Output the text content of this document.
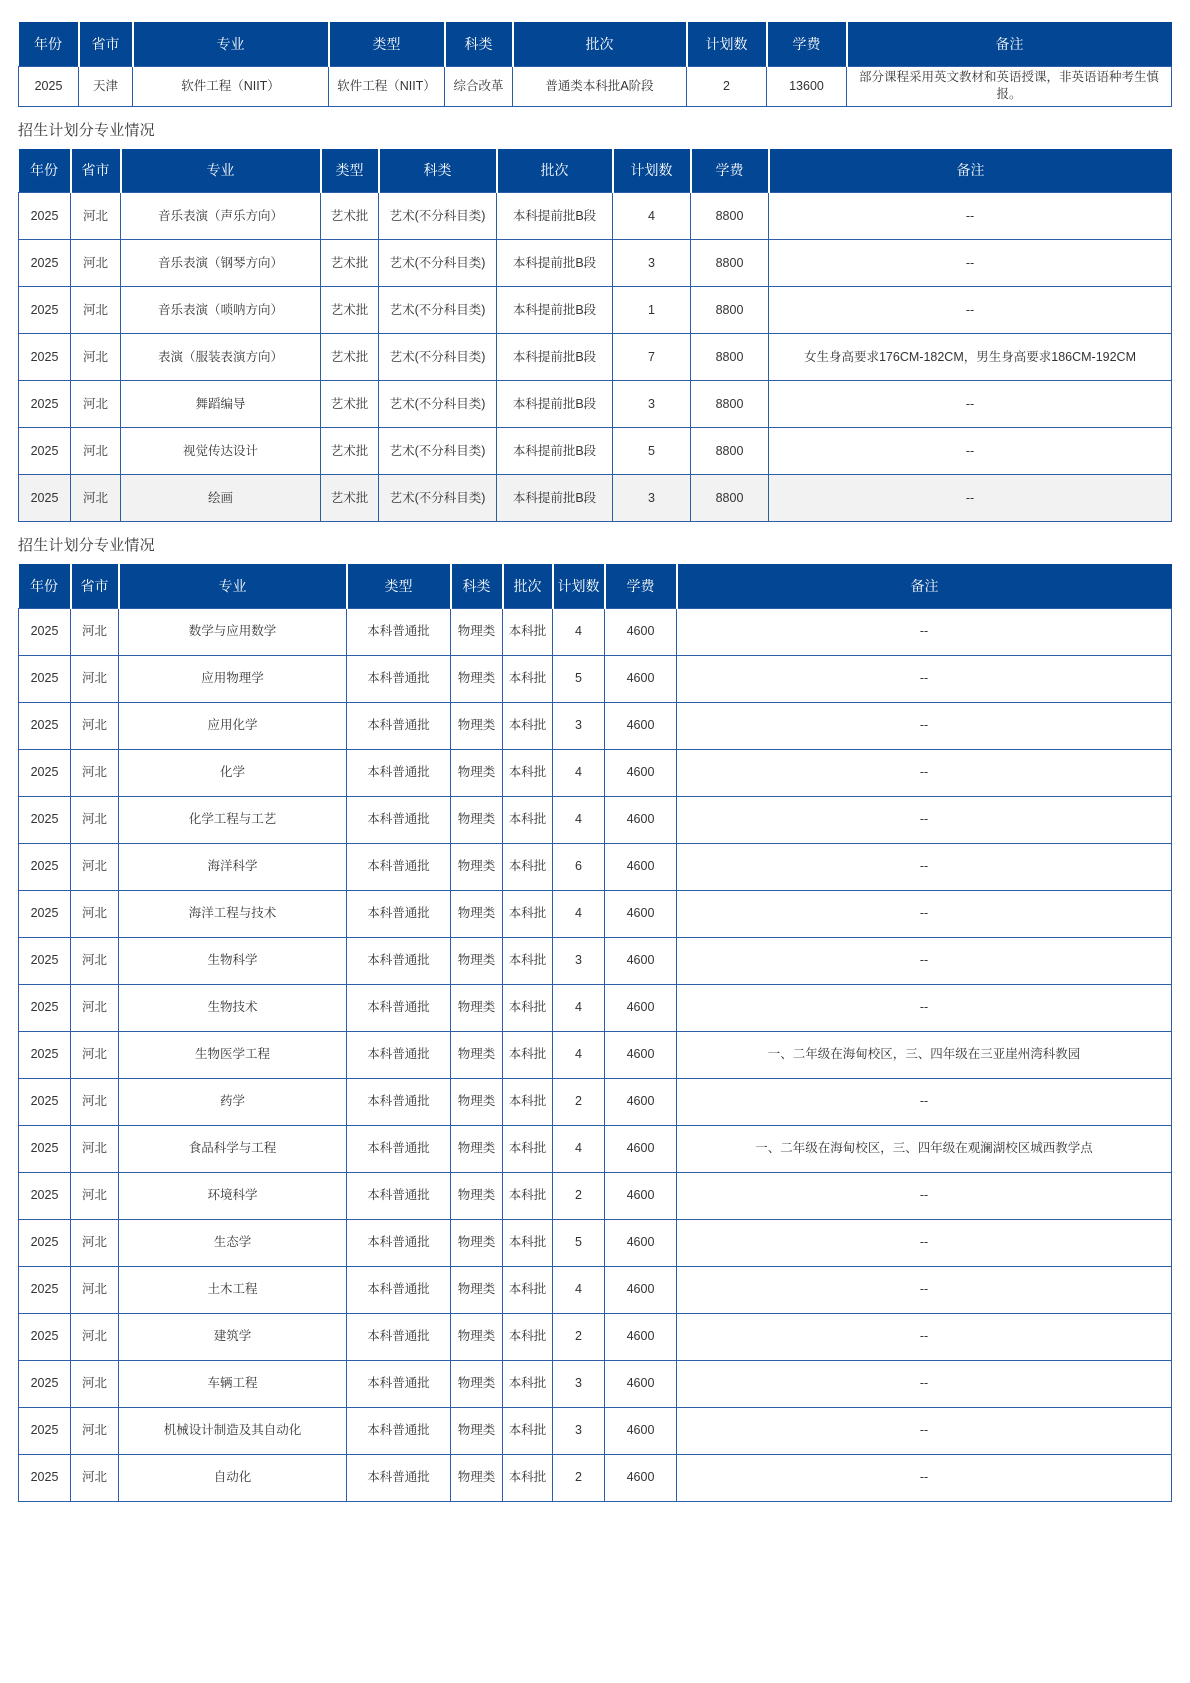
年份	省市	专业	类型	科类	批次	计划数	学费	备注
2025	天津	软件工程（NIIT）	软件工程（NIIT）	综合改革	普通类本科批A阶段	2	13600	部分课程采用英文教材和英语授课，非英语语种考生慎报。
招生计划分专业情况
年份	省市	专业	类型	科类	批次	计划数	学费	备注
2025	河北	音乐表演（声乐方向）	艺术批	艺术(不分科目类)	本科提前批B段	4	8800	--
2025	河北	音乐表演（钢琴方向）	艺术批	艺术(不分科目类)	本科提前批B段	3	8800	--
2025	河北	音乐表演（唢呐方向）	艺术批	艺术(不分科目类)	本科提前批B段	1	8800	--
2025	河北	表演（服装表演方向）	艺术批	艺术(不分科目类)	本科提前批B段	7	8800	女生身高要求176CM-182CM，男生身高要求186CM-192CM
2025	河北	舞蹈编导	艺术批	艺术(不分科目类)	本科提前批B段	3	8800	--
2025	河北	视觉传达设计	艺术批	艺术(不分科目类)	本科提前批B段	5	8800	--
2025	河北	绘画	艺术批	艺术(不分科目类)	本科提前批B段	3	8800	--
招生计划分专业情况
年份	省市	专业	类型	科类	批次	计划数	学费	备注
2025	河北	数学与应用数学	本科普通批	物理类	本科批	4	4600	--
2025	河北	应用物理学	本科普通批	物理类	本科批	5	4600	--
2025	河北	应用化学	本科普通批	物理类	本科批	3	4600	--
2025	河北	化学	本科普通批	物理类	本科批	4	4600	--
2025	河北	化学工程与工艺	本科普通批	物理类	本科批	4	4600	--
2025	河北	海洋科学	本科普通批	物理类	本科批	6	4600	--
2025	河北	海洋工程与技术	本科普通批	物理类	本科批	4	4600	--
2025	河北	生物科学	本科普通批	物理类	本科批	3	4600	--
2025	河北	生物技术	本科普通批	物理类	本科批	4	4600	--
2025	河北	生物医学工程	本科普通批	物理类	本科批	4	4600	一、二年级在海甸校区，三、四年级在三亚崖州湾科教园
2025	河北	药学	本科普通批	物理类	本科批	2	4600	--
2025	河北	食品科学与工程	本科普通批	物理类	本科批	4	4600	一、二年级在海甸校区，三、四年级在观澜湖校区城西教学点
2025	河北	环境科学	本科普通批	物理类	本科批	2	4600	--
2025	河北	生态学	本科普通批	物理类	本科批	5	4600	--
2025	河北	土木工程	本科普通批	物理类	本科批	4	4600	--
2025	河北	建筑学	本科普通批	物理类	本科批	2	4600	--
2025	河北	车辆工程	本科普通批	物理类	本科批	3	4600	--
2025	河北	机械设计制造及其自动化	本科普通批	物理类	本科批	3	4600	--
2025	河北	自动化	本科普通批	物理类	本科批	2	4600	--
